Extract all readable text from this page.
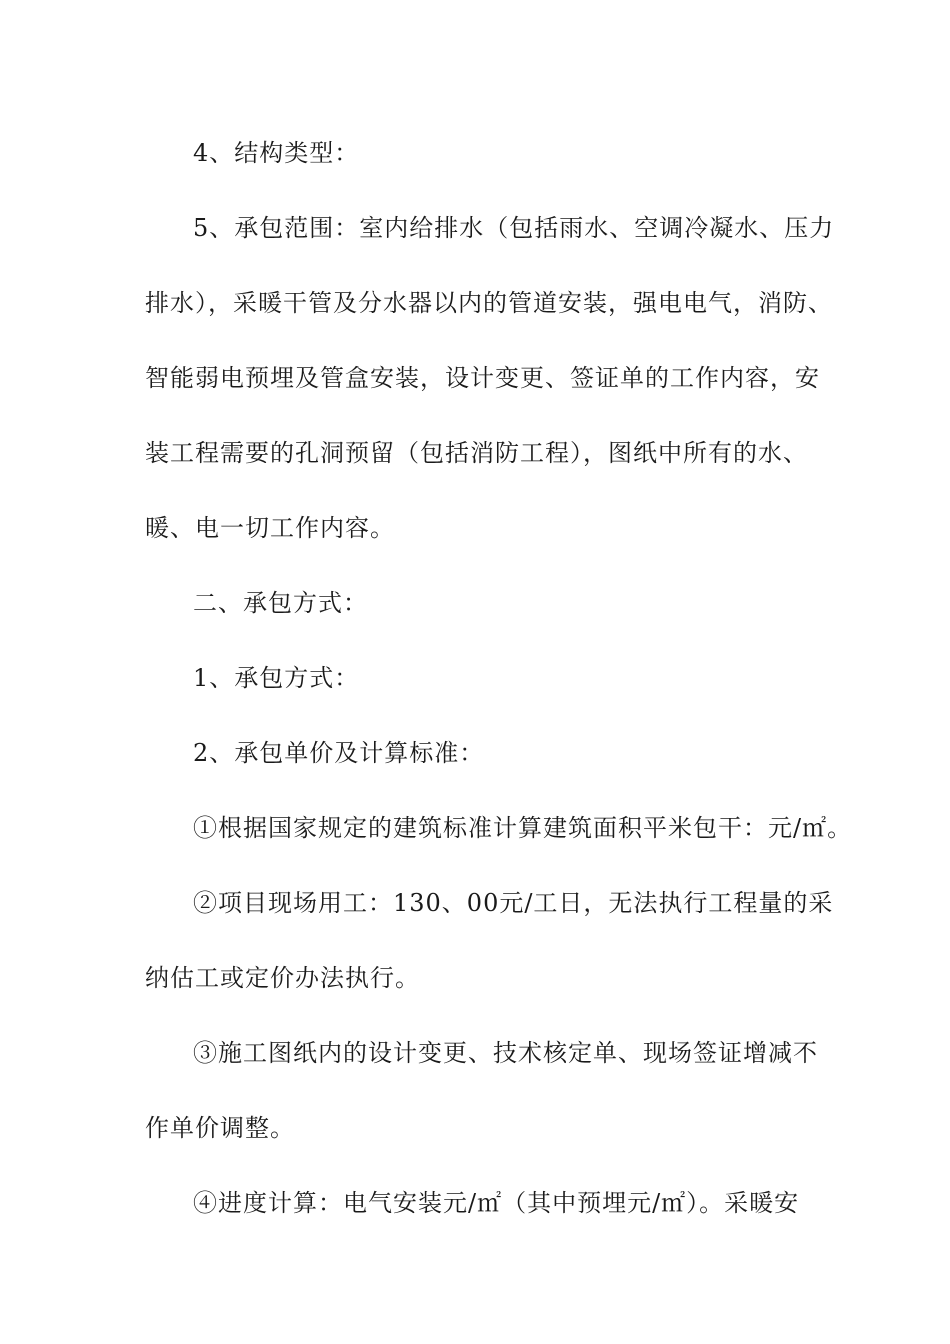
4、结构类型：
5、承包范围：室内给排水（包括雨水、空调冷凝水、压力
排水），采暖干管及分水器以内的管道安装，强电电气，消防、
智能弱电预埋及管盒安装，设计变更、签证单的工作内容，安
装工程需要的孔洞预留（包括消防工程），图纸中所有的水、
暖、电一切工作内容。
二、承包方式：
1、承包方式：
2、承包单价及计算标准：
①根据国家规定的建筑标准计算建筑面积平米包干：元/㎡。
②项目现场用工：130、00元/工日，无法执行工程量的采
纳估工或定价办法执行。
③施工图纸内的设计变更、技术核定单、现场签证增减不
作单价调整。
④进度计算：电气安装元/㎡（其中预埋元/㎡）。采暖安
